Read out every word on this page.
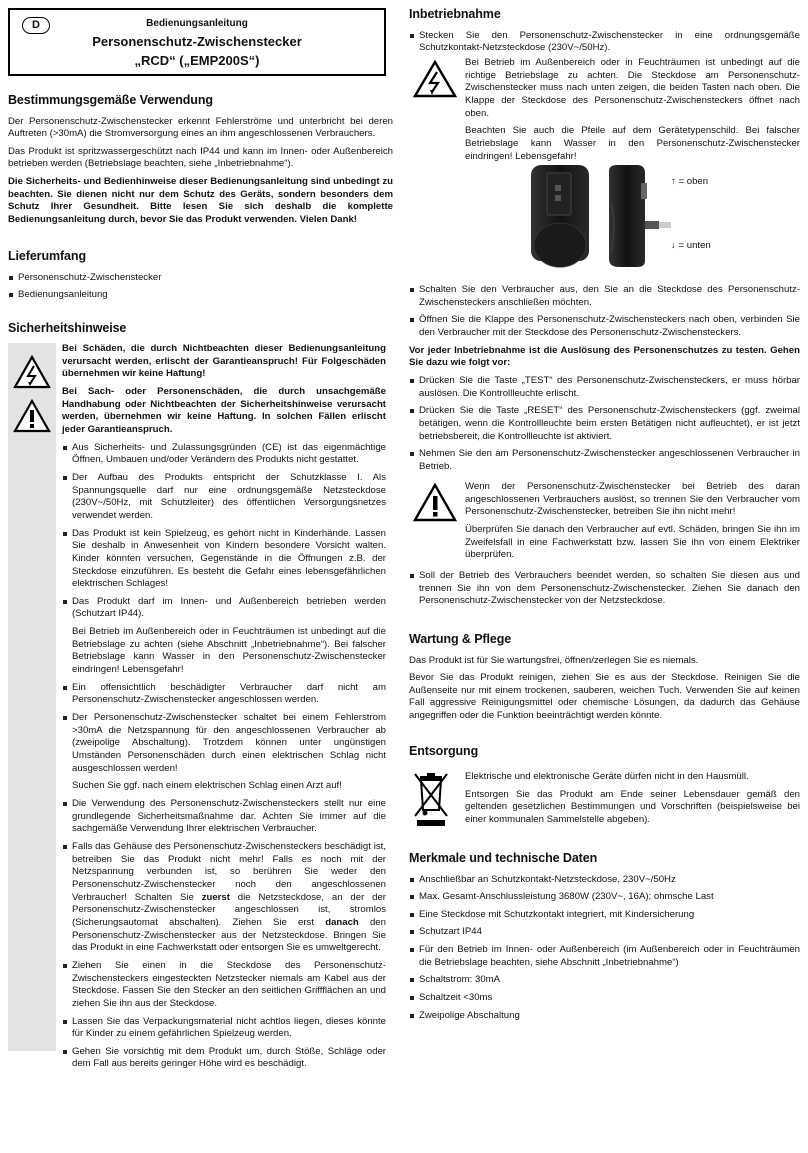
D	Bedienungsanleitung
Personenschutz-Zwischenstecker
„RCD“ („EMP200S“)
Bestimmungsgemäße Verwendung

Der Personenschutz-Zwischenstecker erkennt Fehlerströme und unterbricht bei deren Auftreten (>30mA) die Stromversorgung eines an ihm angeschlossenen Verbrauchers.

Das Produkt ist spritzwassergeschützt nach IP44 und kann im Innen- oder Außenbereich betrieben werden (Betriebslage beachten, siehe „Inbetriebnahme“).

Die Sicherheits- und Bedienhinweise dieser Bedienungsanleitung sind unbedingt zu beachten. Sie dienen nicht nur dem Schutz des Geräts, sondern besonders dem Schutz Ihrer Gesundheit. Bitte lesen Sie sich deshalb die komplette Bedienungsanleitung durch, bevor Sie das Produkt verwenden. Vielen Dank!

Lieferumfang
Personenschutz-Zwischenstecker
Bedienungsanleitung
Sicherheitshinweise

Bei Schäden, die durch Nichtbeachten dieser Bedienungsanleitung verursacht werden, erlischt der Garantieanspruch! Für Folgeschäden übernehmen wir keine Haftung!

Bei Sach- oder Personenschäden, die durch unsachgemäße Handhabung oder Nichtbeachten der Sicherheitshinweise verursacht werden, übernehmen wir keine Haftung. In solchen Fällen erlischt jeder Garantieanspruch.

Aus Sicherheits- und Zulassungsgründen (CE) ist das eigenmächtige Öffnen, Umbauen und/oder Verändern des Produkts nicht gestattet.
Der Aufbau des Produkts entspricht der Schutzklasse I. Als Spannungsquelle darf nur eine ordnungsgemäße Netzsteckdose (230V~/50Hz, mit Schutzleiter) des öffentlichen Versorgungsnetzes verwendet werden.
Das Produkt ist kein Spielzeug, es gehört nicht in Kinderhände. Lassen Sie deshalb in Anwesenheit von Kindern besondere Vorsicht walten. Kinder könnten versuchen, Gegenstände in die Öffnungen z.B. der Steckdose einzuführen. Es besteht die Gefahr eines lebensgefährlichen elektrischen Schlages!
Das Produkt darf im Innen- und Außenbereich betrieben werden (Schutzart IP44).

Bei Betrieb im Außenbereich oder in Feuchträumen ist unbedingt auf die Betriebslage zu achten (siehe Abschnitt „Inbetriebnahme“). Bei falscher Betriebslage kann Wasser in den Personenschutz-Zwischenstecker eindringen! Lebensgefahr!

Ein offensichtlich beschädigter Verbraucher darf nicht am Personenschutz-Zwischenstecker angeschlossen werden.
Der Personenschutz-Zwischenstecker schaltet bei einem Fehlerstrom >30mA die Netzspannung für den angeschlossenen Verbraucher ab (zweipolige Abschaltung). Trotzdem können unter ungünstigen Umständen Personenschäden durch einen elektrischen Schlag nicht ausgeschlossen werden!

Suchen Sie ggf. nach einem elektrischen Schlag einen Arzt auf!

Die Verwendung des Personenschutz-Zwischensteckers stellt nur eine grundlegende Sicherheitsmaßnahme dar. Achten Sie immer auf die sachgemäße Verwendung Ihrer elektrischen Verbraucher.
Falls das Gehäuse des Personenschutz-Zwischensteckers beschädigt ist, betreiben Sie das Produkt nicht mehr! Falls es noch mit der Netzspannung verbunden ist, so berühren Sie weder den Personenschutz-Zwischenstecker noch den angeschlossenen Verbraucher! Schalten Sie zuerst die Netzsteckdose, an der der Personenschutz-Zwischenstecker angeschlossen ist, stromlos (Sicherungsautomat abschalten). Ziehen Sie erst danach den Personenschutz-Zwischenstecker aus der Netzsteckdose. Bringen Sie das Produkt in eine Fachwerkstatt oder entsorgen Sie es umweltgerecht.
Ziehen Sie einen in die Steckdose des Personenschutz-Zwischensteckers eingesteckten Netzstecker niemals am Kabel aus der Steckdose. Fassen Sie den Stecker an den seitlichen Griffflächen an und ziehen Sie ihn aus der Steckdose.
Lassen Sie das Verpackungsmaterial nicht achtlos liegen, dieses könnte für Kinder zu einem gefährlichen Spielzeug werden.
Gehen Sie vorsichtig mit dem Produkt um, durch Stöße, Schläge oder dem Fall aus bereits geringer Höhe wird es beschädigt.
Inbetriebnahme
Stecken Sie den Personenschutz-Zwischenstecker in eine ordnungsgemäße Schutzkontakt-Netzsteckdose (230V~/50Hz).

Bei Betrieb im Außenbereich oder in Feuchträumen ist unbedingt auf die richtige Betriebslage zu achten. Die Steckdose am Personenschutz-Zwischenstecker muss nach unten zeigen, die beiden Tasten nach oben. Die Klappe der Steckdose des Personenschutz-Zwischensteckers öffnet nach oben.

Beachten Sie auch die Pfeile auf dem Gerätetypenschild. Bei falscher Betriebslage kann Wasser in den Personenschutz-Zwischenstecker eindringen! Lebensgefahr!

↑ = oben
↓ = unten
Schalten Sie den Verbraucher aus, den Sie an die Steckdose des Personenschutz-Zwischensteckers anschließen möchten.
Öffnen Sie die Klappe des Personenschutz-Zwischensteckers nach oben, verbinden Sie den Verbraucher mit der Steckdose des Personenschutz-Zwischensteckers.

Vor jeder Inbetriebnahme ist die Auslösung des Personenschutzes zu testen. Gehen Sie dazu wie folgt vor:

Drücken Sie die Taste „TEST“ des Personenschutz-Zwischensteckers, er muss hörbar auslösen. Die Kontrollleuchte erlischt.
Drücken Sie die Taste „RESET“ des Personenschutz-Zwischensteckers (ggf. zweimal betätigen, wenn die Kontrollleuchte beim ersten Betätigen nicht aufleuchtet), er ist jetzt betriebsbereit, die Kontrollleuchte ist aktiviert.
Nehmen Sie den am Personenschutz-Zwischenstecker angeschlossenen Verbraucher in Betrieb.

Wenn der Personenschutz-Zwischenstecker bei Betrieb des daran angeschlossenen Verbrauchers auslöst, so trennen Sie den Verbraucher vom Personenschutz-Zwischenstecker, betreiben Sie ihn nicht mehr!

Überprüfen Sie danach den Verbraucher auf evtl. Schäden, bringen Sie ihn im Zweifelsfall in eine Fachwerkstatt bzw. lassen Sie ihn von einem Elektriker überprüfen.

Soll der Betrieb des Verbrauchers beendet werden, so schalten Sie diesen aus und trennen Sie ihn von dem Personenschutz-Zwischenstecker. Ziehen Sie danach den Personenschutz-Zwischenstecker von der Netzsteckdose.
Wartung & Pflege

Das Produkt ist für Sie wartungsfrei, öffnen/zerlegen Sie es niemals.

Bevor Sie das Produkt reinigen, ziehen Sie es aus der Steckdose. Reinigen Sie die Außenseite nur mit einem trockenen, sauberen, weichen Tuch. Verwenden Sie auf keinen Fall aggressive Reinigungsmittel oder chemische Lösungen, da dadurch das Gehäuse angegriffen oder die Funktion beeinträchtigt werden könnte.

Entsorgung

Elektrische und elektronische Geräte dürfen nicht in den Hausmüll.

Entsorgen Sie das Produkt am Ende seiner Lebensdauer gemäß den geltenden gesetzlichen Bestimmungen und Vorschriften (beispielsweise bei einer kommunalen Sammelstelle abgeben).

Merkmale und technische Daten
Anschließbar an Schutzkontakt-Netzsteckdose, 230V~/50Hz
Max. Gesamt-Anschlussleistung 3680W (230V~, 16A); ohmsche Last
Eine Steckdose mit Schutzkontakt integriert, mit Kindersicherung
Schutzart IP44
Für den Betrieb im Innen- oder Außenbereich (im Außenbereich oder in Feuchträumen die Betriebslage beachten, siehe Abschnitt „Inbetriebnahme“)
Schaltstrom: 30mA
Schaltzeit <30ms
Zweipolige Abschaltung
